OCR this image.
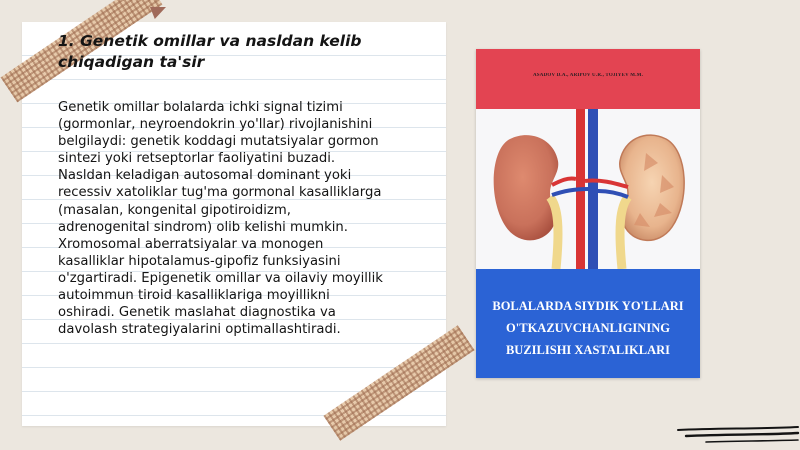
1. Genetik omillar va nasldan kelib chiqadigan ta'sir

Genetik omillar bolalarda ichki signal tizimi (gormonlar, neyroendokrin yo'llar) rivojlanishini belgilaydi: genetik koddagi mutatsiyalar gormon sintezi yoki retseptorlar faoliyatini buzadi. Nasldan keladigan autosomal dominant yoki recessiv xatoliklar tug'ma gormonal kasalliklarga (masalan, kongenital gipotiroidizm, adrenogenital sindrom) olib kelishi mumkin. Xromosomal aberratsiyalar va monogen kasalliklar hipotalamus-gipofiz funksiyasini o'zgartiradi. Epigenetik omillar va oilaviy moyillik autoimmun tiroid kasalliklariga moyillikni oshiradi. Genetik maslahat diagnostika va davolash strategiyalarini optimallashtiradi.

ASADOV D.A., ARIPOV U.R., TOJIYEV M.M.
BOLALARDA SIYDIK YO'LLARI O'TKAZUVCHANLIGINING BUZILISHI XASTALIKLARI
